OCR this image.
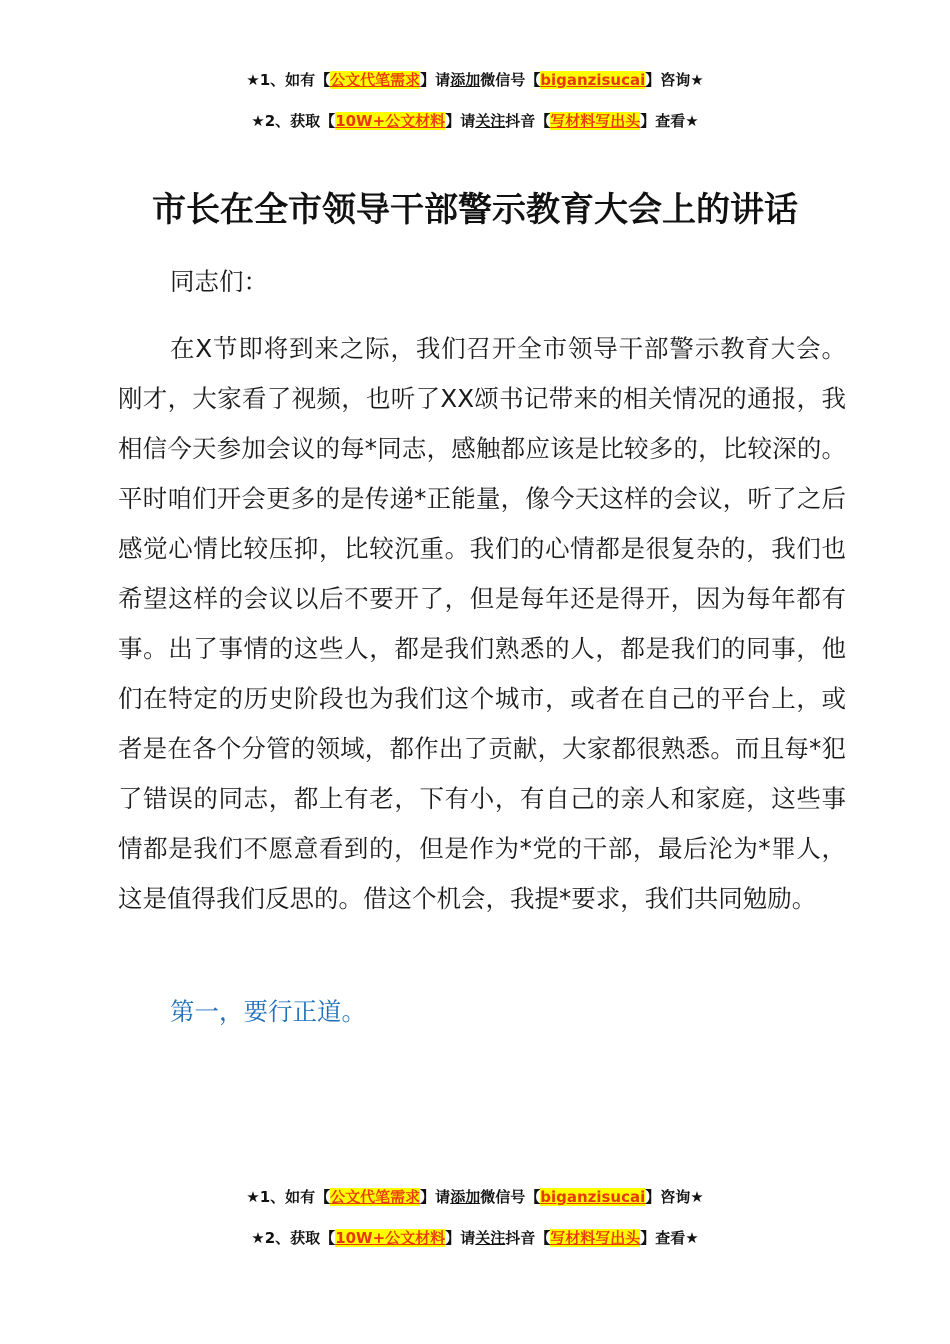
★1、如有【公文代笔需求】请添加微信号【biganzisucai】咨询★
★2、获取【10W+公文材料】请关注抖音【写材料写出头】查看★
市长在全市领导干部警示教育大会上的讲话
同志们：
在X节即将到来之际，我们召开全市领导干部警示教育大会。刚才，大家看了视频，也听了XX颂书记带来的相关情况的通报，我相信今天参加会议的每*同志，感触都应该是比较多的，比较深的。平时咱们开会更多的是传递*正能量，像今天这样的会议，听了之后感觉心情比较压抑，比较沉重。我们的心情都是很复杂的，我们也希望这样的会议以后不要开了，但是每年还是得开，因为每年都有事。出了事情的这些人，都是我们熟悉的人，都是我们的同事，他们在特定的历史阶段也为我们这个城市，或者在自己的平台上，或者是在各个分管的领域，都作出了贡献，大家都很熟悉。而且每*犯了错误的同志，都上有老，下有小，有自己的亲人和家庭，这些事情都是我们不愿意看到的，但是作为*党的干部，最后沦为*罪人，这是值得我们反思的。借这个机会，我提*要求，我们共同勉励。
第一，要行正道。
★1、如有【公文代笔需求】请添加微信号【biganzisucai】咨询★
★2、获取【10W+公文材料】请关注抖音【写材料写出头】查看★
